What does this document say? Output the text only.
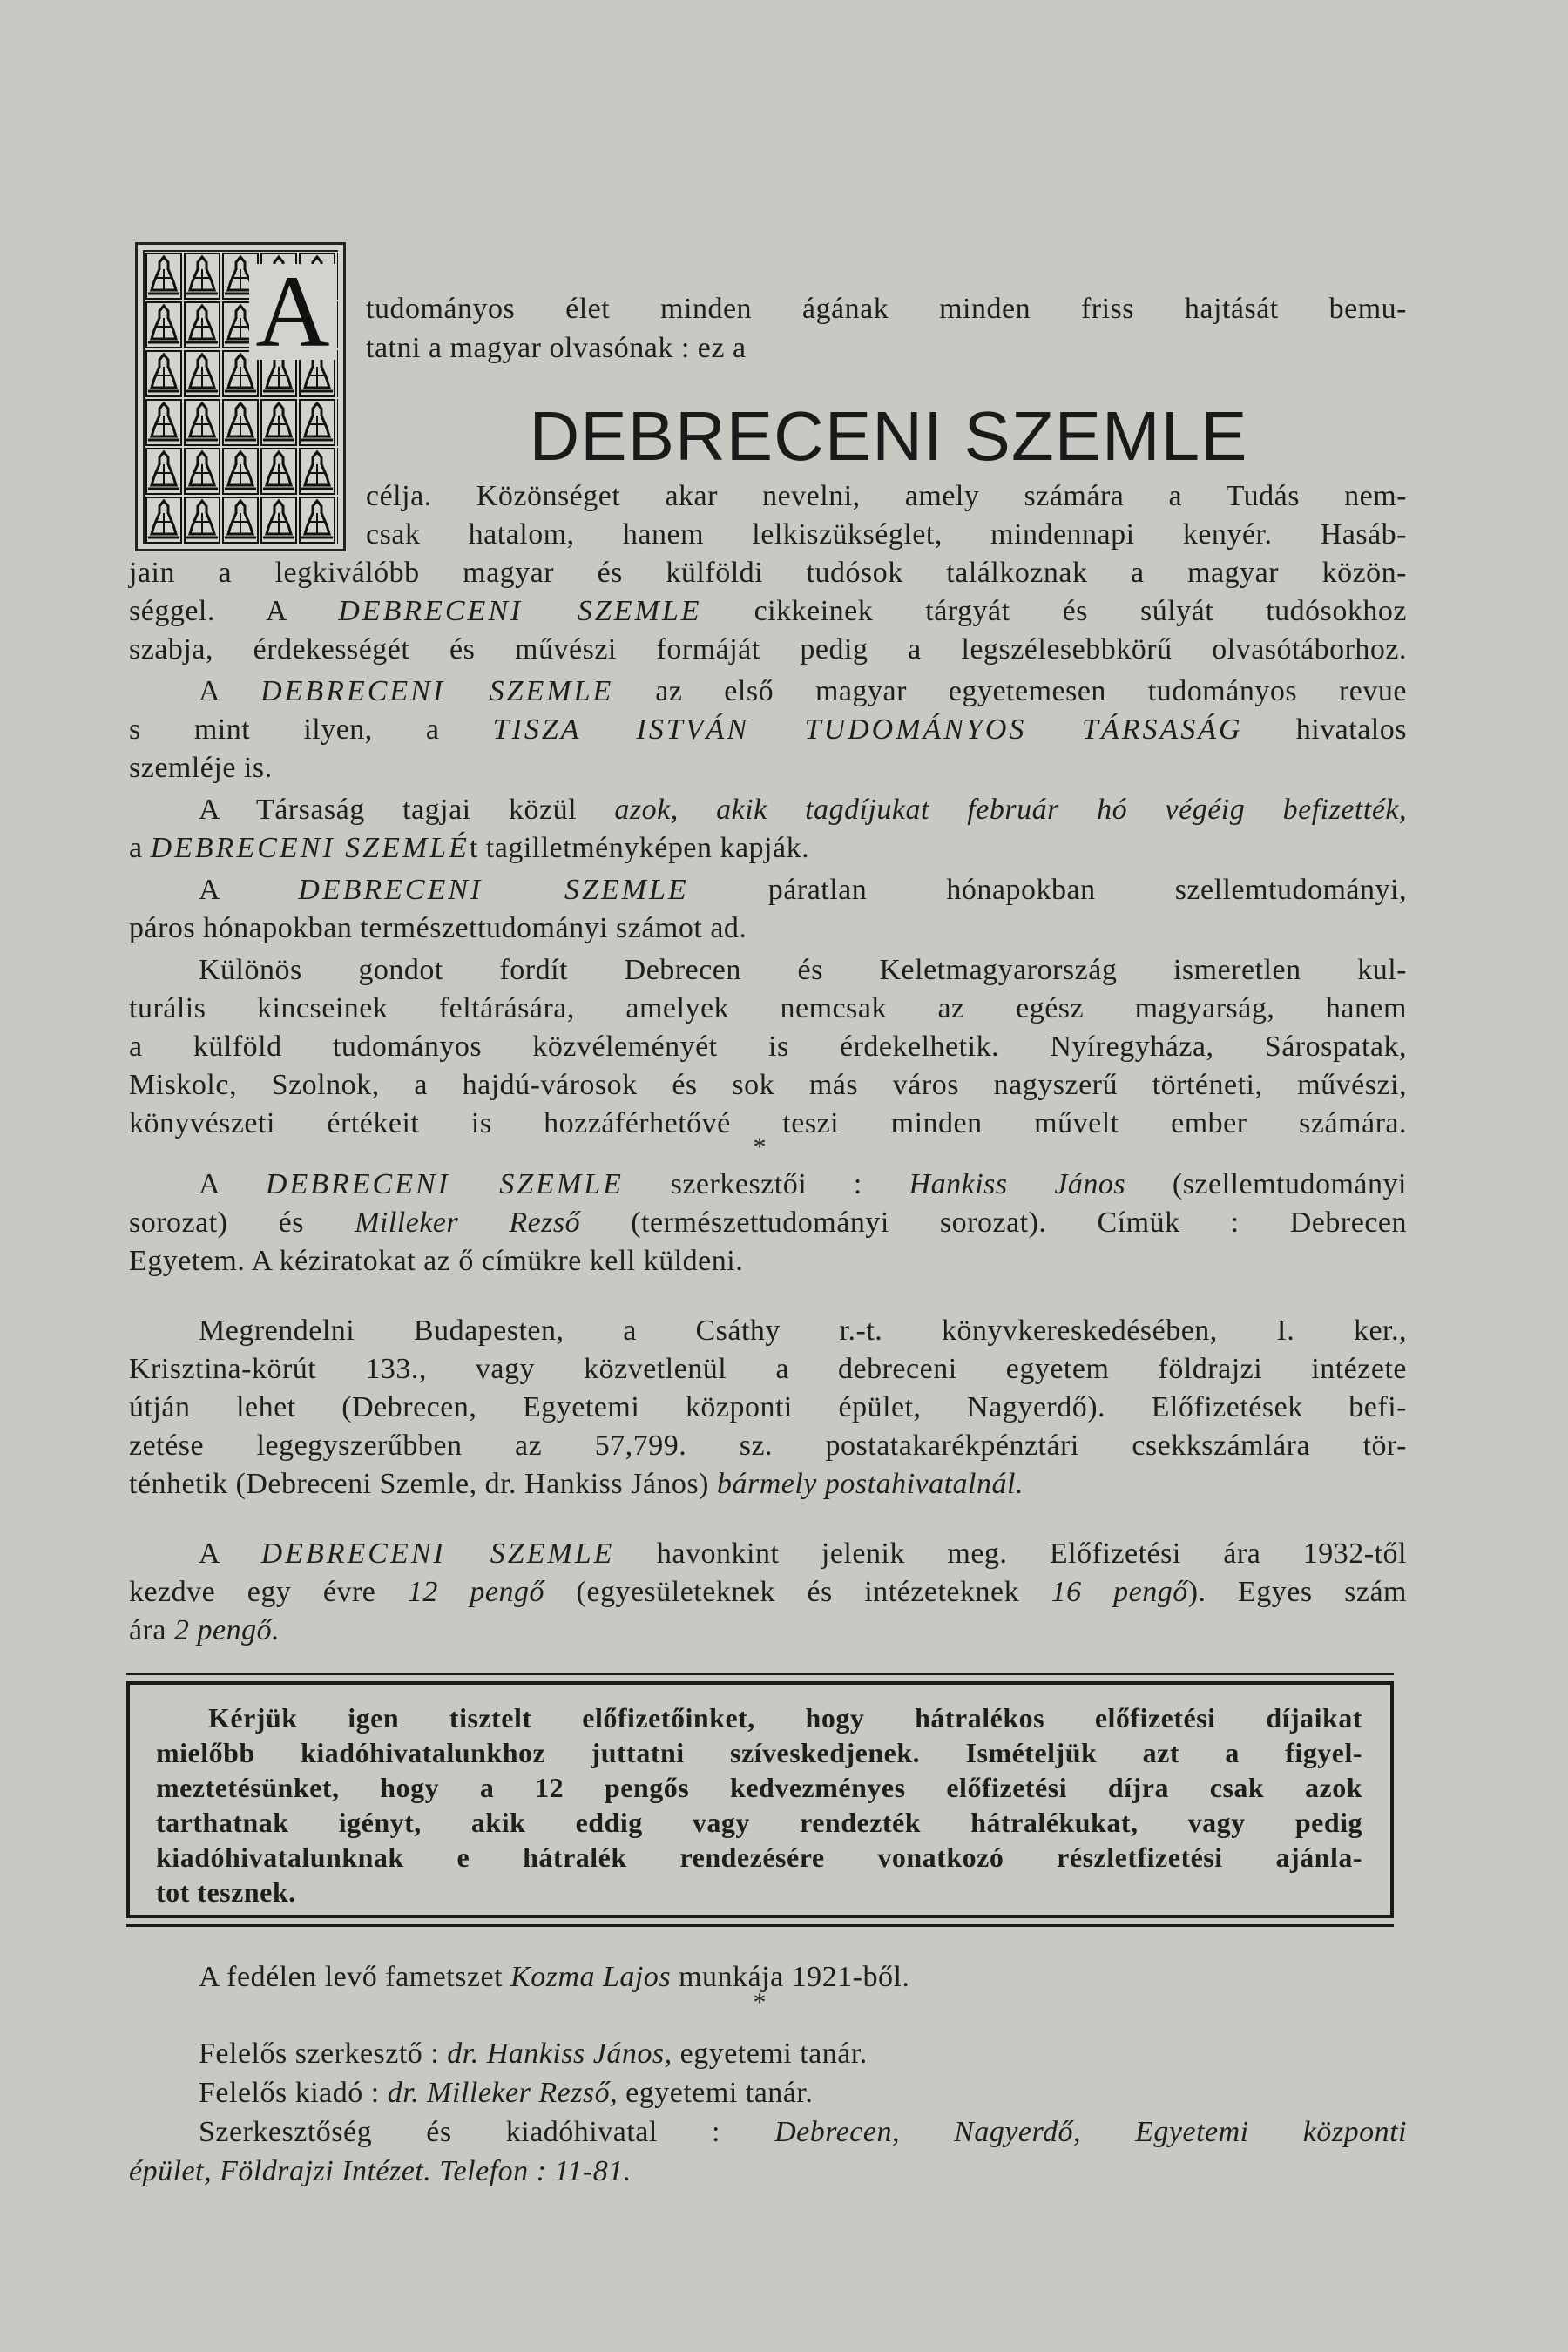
A tudományos élet minden ágának minden friss hajtását bemu-
tatni a magyar olvasónak : ez a
DEBRECENI SZEMLE
célja. Közönséget akar nevelni, amely számára a Tudás nem-
csak hatalom, hanem lelkiszükséglet, mindennapi kenyér. Hasáb-
jain a legkiválóbb magyar és külföldi tudósok találkoznak a magyar közön-
séggel. A DEBRECENI SZEMLE cikkeinek tárgyát és súlyát tudósokhoz
szabja, érdekességét és művészi formáját pedig a legszélesebbkörű olvasótáborhoz.
A DEBRECENI SZEMLE az első magyar egyetemesen tudományos revue
s mint ilyen, a TISZA ISTVÁN TUDOMÁNYOS TÁRSASÁG hivatalos
szemléje is.
A Társaság tagjai közül azok, akik tagdíjukat február hó végéig befizették,
a DEBRECENI SZEMLÉt tagilletményképen kapják.
A DEBRECENI SZEMLE páratlan hónapokban szellemtudományi,
páros hónapokban természettudományi számot ad.
Különös gondot fordít Debrecen és Keletmagyarország ismeretlen kul-
turális kincseinek feltárására, amelyek nemcsak az egész magyarság, hanem
a külföld tudományos közvéleményét is érdekelhetik. Nyíregyháza, Sárospatak,
Miskolc, Szolnok, a hajdú-városok és sok más város nagyszerű történeti, művészi,
könyvészeti értékeit is hozzáférhetővé teszi minden művelt ember számára.
*
A DEBRECENI SZEMLE szerkesztői : Hankiss János (szellemtudományi
sorozat) és Milleker Rezső (természettudományi sorozat). Címük : Debrecen
Egyetem. A kéziratokat az ő címükre kell küldeni.
Megrendelni Budapesten, a Csáthy r.-t. könyvkereskedésében, I. ker.,
Krisztina-körút 133., vagy közvetlenül a debreceni egyetem földrajzi intézete
útján lehet (Debrecen, Egyetemi központi épület, Nagyerdő). Előfizetések befi-
zetése legegyszerűbben az 57,799. sz. postatakarékpénztári csekkszámlára tör-
ténhetik (Debreceni Szemle, dr. Hankiss János) bármely postahivatalnál.
A DEBRECENI SZEMLE havonkint jelenik meg. Előfizetési ára 1932-től
kezdve egy évre 12 pengő (egyesületeknek és intézeteknek 16 pengő). Egyes szám
ára 2 pengő.
Kérjük igen tisztelt előfizetőinket, hogy hátralékos előfizetési díjaikat
mielőbb kiadóhivatalunkhoz juttatni szíveskedjenek. Ismételjük azt a figyel-
meztetésünket, hogy a 12 pengős kedvezményes előfizetési díjra csak azok
tarthatnak igényt, akik eddig vagy rendezték hátralékukat, vagy pedig
kiadóhivatalunknak e hátralék rendezésére vonatkozó részletfizetési ajánla-
tot tesznek.
A fedélen levő fametszet Kozma Lajos munkája 1921-ből.
*
Felelős szerkesztő : dr. Hankiss János, egyetemi tanár.
Felelős kiadó : dr. Milleker Rezső, egyetemi tanár.
Szerkesztőség és kiadóhivatal : Debrecen, Nagyerdő, Egyetemi központi
épület, Földrajzi Intézet. Telefon : 11-81.
